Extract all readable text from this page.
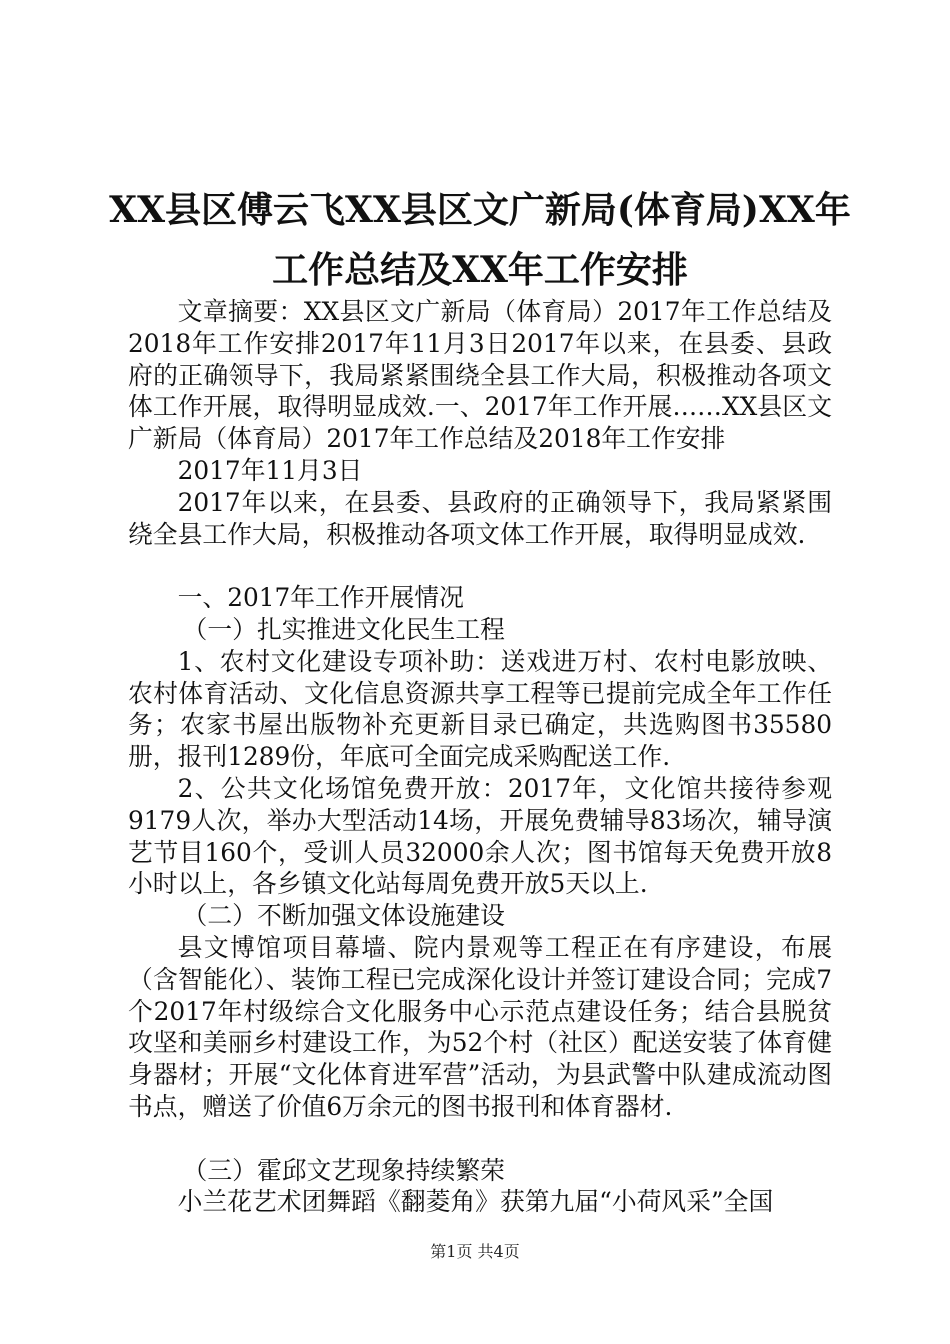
XX县区傅云飞XX县区文广新局(体育局)XX年
工作总结及XX年工作安排

文章摘要：XX县区文广新局（体育局）2017年工作总结及2018年工作安排2017年11月3日2017年以来，在县委、县政府的正确领导下，我局紧紧围绕全县工作大局，积极推动各项文体工作开展，取得明显成效.一、2017年工作开展……XX县区文广新局（体育局）2017年工作总结及2018年工作安排

2017年11月3日

2017年以来，在县委、县政府的正确领导下，我局紧紧围绕全县工作大局，积极推动各项文体工作开展，取得明显成效.

一、2017年工作开展情况

（一）扎实推进文化民生工程

1、农村文化建设专项补助：送戏进万村、农村电影放映、农村体育活动、文化信息资源共享工程等已提前完成全年工作任务；农家书屋出版物补充更新目录已确定，共选购图书35580册，报刊1289份，年底可全面完成采购配送工作.

2、公共文化场馆免费开放：2017年，文化馆共接待参观9179人次，举办大型活动14场，开展免费辅导83场次，辅导演艺节目160个，受训人员32000余人次；图书馆每天免费开放8小时以上，各乡镇文化站每周免费开放5天以上.

（二）不断加强文体设施建设

县文博馆项目幕墙、院内景观等工程正在有序建设，布展（含智能化）、装饰工程已完成深化设计并签订建设合同；完成7个2017年村级综合文化服务中心示范点建设任务；结合县脱贫攻坚和美丽乡村建设工作，为52个村（社区）配送安装了体育健身器材；开展“文化体育进军营”活动，为县武警中队建成流动图书点，赠送了价值6万余元的图书报刊和体育器材.

（三）霍邱文艺现象持续繁荣

小兰花艺术团舞蹈《翻菱角》获第九届“小荷风采”全国

第1页 共4页
